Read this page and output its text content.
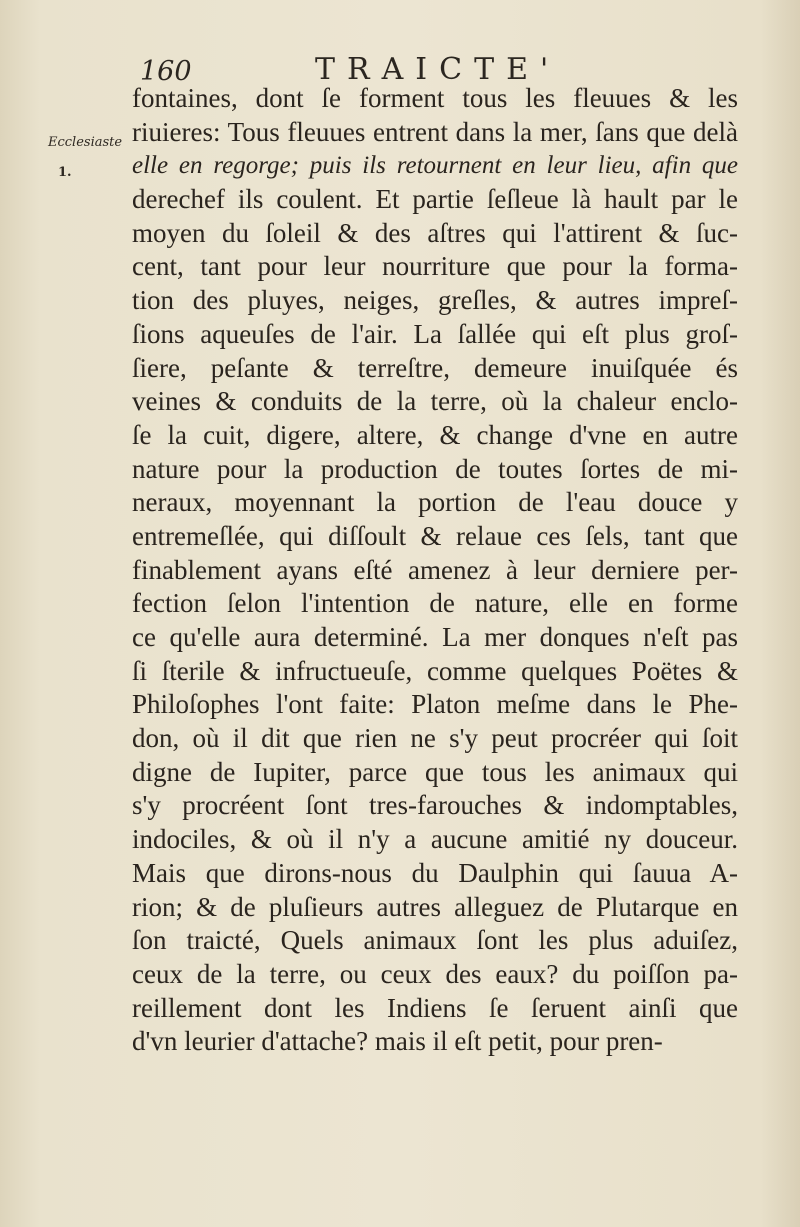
160	TRAICTE'
Ecclesiaste
1.
fontaines, dont ſe forment tous les fleuues & les
riuieres: Tous fleuues entrent dans la mer, ſans que delà
elle en regorge; puis ils retournent en leur lieu, afin que
derechef ils coulent. Et partie ſeſleue là hault par le
moyen du ſoleil & des aſtres qui l'attirent & ſuc-
cent, tant pour leur nourriture que pour la forma-
tion des pluyes, neiges, greſles, & autres impreſ-
ſions aqueuſes de l'air. La ſallée qui eſt plus groſ-
ſiere, peſante & terreſtre, demeure inuiſquée és
veines & conduits de la terre, où la chaleur enclo-
ſe la cuit, digere, altere, & change d'vne en autre
nature pour la production de toutes ſortes de mi-
neraux, moyennant la portion de l'eau douce y
entremeſlée, qui diſſoult & relaue ces ſels, tant que
finablement ayans eſté amenez à leur derniere per-
fection ſelon l'intention de nature, elle en forme
ce qu'elle aura determiné. La mer donques n'eſt pas
ſi ſterile & infructueuſe, comme quelques Poëtes &
Philoſophes l'ont faite: Platon meſme dans le Phe-
don, où il dit que rien ne s'y peut procréer qui ſoit
digne de Iupiter, parce que tous les animaux qui
s'y procréent ſont tres-farouches & indomptables,
indociles, & où il n'y a aucune amitié ny douceur.
Mais que dirons-nous du Daulphin qui ſauua A-
rion; & de pluſieurs autres alleguez de Plutarque en
ſon traicté, Quels animaux ſont les plus aduiſez,
ceux de la terre, ou ceux des eaux? du poiſſon pa-
reillement dont les Indiens ſe ſeruent ainſi que
d'vn leurier d'attache? mais il eſt petit, pour pren-
